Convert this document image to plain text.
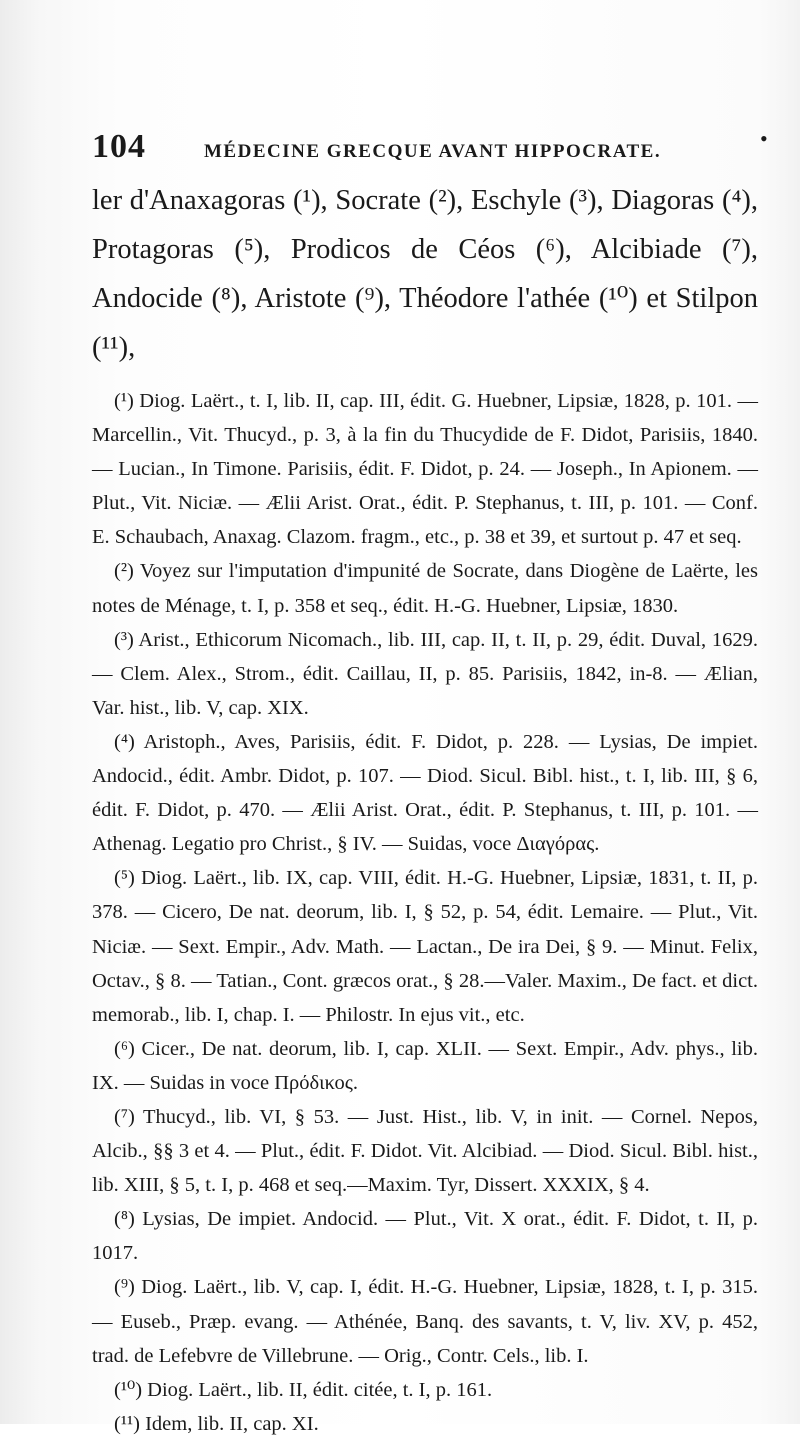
•
104	MÉDECINE GRECQUE AVANT HIPPOCRATE.

ler d'Anaxagoras (¹), Socrate (²), Eschyle (³), Diagoras (⁴), Protagoras (⁵), Prodicos de Céos (⁶), Alcibiade (⁷), Andocide (⁸), Aristote (⁹), Théodore l'athée (¹⁰) et Stilpon (¹¹),

(¹) Diog. Laërt., t. I, lib. II, cap. III, édit. G. Huebner, Lipsiæ, 1828, p. 101. — Marcellin., Vit. Thucyd., p. 3, à la fin du Thucydide de F. Didot, Parisiis, 1840. — Lucian., In Timone. Parisiis, édit. F. Didot, p. 24. — Joseph., In Apionem. — Plut., Vit. Niciæ. — Ælii Arist. Orat., édit. P. Stephanus, t. III, p. 101. — Conf. E. Schaubach, Anaxag. Clazom. fragm., etc., p. 38 et 39, et surtout p. 47 et seq.

(²) Voyez sur l'imputation d'impunité de Socrate, dans Diogène de Laërte, les notes de Ménage, t. I, p. 358 et seq., édit. H.-G. Huebner, Lipsiæ, 1830.

(³) Arist., Ethicorum Nicomach., lib. III, cap. II, t. II, p. 29, édit. Duval, 1629. — Clem. Alex., Strom., édit. Caillau, II, p. 85. Parisiis, 1842, in-8. — Ælian, Var. hist., lib. V, cap. XIX.

(⁴) Aristoph., Aves, Parisiis, édit. F. Didot, p. 228. — Lysias, De impiet. Andocid., édit. Ambr. Didot, p. 107. — Diod. Sicul. Bibl. hist., t. I, lib. III, § 6, édit. F. Didot, p. 470. — Ælii Arist. Orat., édit. P. Stephanus, t. III, p. 101. — Athenag. Legatio pro Christ., § IV. — Suidas, voce Διαγόρας.

(⁵) Diog. Laërt., lib. IX, cap. VIII, édit. H.-G. Huebner, Lipsiæ, 1831, t. II, p. 378. — Cicero, De nat. deorum, lib. I, § 52, p. 54, édit. Lemaire. — Plut., Vit. Niciæ. — Sext. Empir., Adv. Math. — Lactan., De ira Dei, § 9. — Minut. Felix, Octav., § 8. — Tatian., Cont. græcos orat., § 28.—Valer. Maxim., De fact. et dict. memorab., lib. I, chap. I. — Philostr. In ejus vit., etc.

(⁶) Cicer., De nat. deorum, lib. I, cap. XLII. — Sext. Empir., Adv. phys., lib. IX. — Suidas in voce Πρόδικος.

(⁷) Thucyd., lib. VI, § 53. — Just. Hist., lib. V, in init. — Cornel. Nepos, Alcib., §§ 3 et 4. — Plut., édit. F. Didot. Vit. Alcibiad. — Diod. Sicul. Bibl. hist., lib. XIII, § 5, t. I, p. 468 et seq.—Maxim. Tyr, Dissert. XXXIX, § 4.

(⁸) Lysias, De impiet. Andocid. — Plut., Vit. X orat., édit. F. Didot, t. II, p. 1017.

(⁹) Diog. Laërt., lib. V, cap. I, édit. H.-G. Huebner, Lipsiæ, 1828, t. I, p. 315. — Euseb., Præp. evang. — Athénée, Banq. des savants, t. V, liv. XV, p. 452, trad. de Lefebvre de Villebrune. — Orig., Contr. Cels., lib. I.

(¹⁰) Diog. Laërt., lib. II, édit. citée, t. I, p. 161.

(¹¹) Idem, lib. II, cap. XI.
